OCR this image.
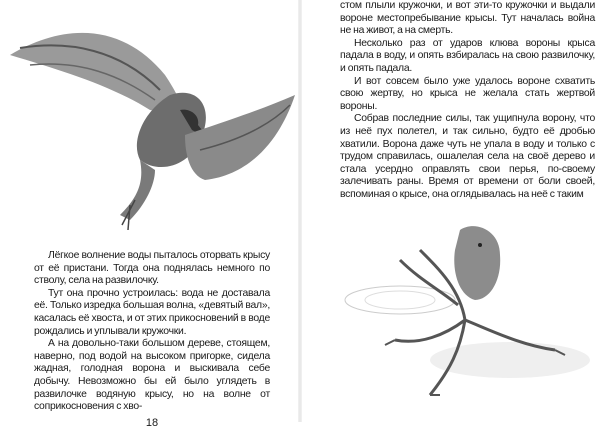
Лёгкое волнение воды пыталось оторвать крысу от её пристани. Тогда она поднялась немного по стволу, села на развилочку.

Тут она прочно устроилась: вода не доставала её. Только изредка большая волна, «девятый вал», касалась её хвоста, и от этих прикосновений в воде рождались и уплывали кружочки.

А на довольно-таки большом дереве, стоящем, наверно, под водой на высоком пригорке, сидела жадная, голодная ворона и выскивала себе добычу. Невозможно бы ей было углядеть в развилочке водяную крысу, но на волне от соприкосновения с хво-

18

стом плыли кружочки, и вот эти-то кружочки и выдали вороне местопребывание крысы. Тут началась война не на живот, а на смерть.

Несколько раз от ударов клюва вороны крыса падала в воду, и опять взбиралась на свою развилочку, и опять падала.

И вот совсем было уже удалось вороне схватить свою жертву, но крыса не желала стать жертвой вороны.

Собрав последние силы, так ущипнула ворону, что из неё пух полетел, и так сильно, будто её дробью хватили. Ворона даже чуть не упала в воду и только с трудом справилась, ошалелая села на своё дерево и стала усердно оправлять свои перья, по-своему залечивать раны. Время от времени от боли своей, вспоминая о крысе, она оглядывалась на неё с таким
